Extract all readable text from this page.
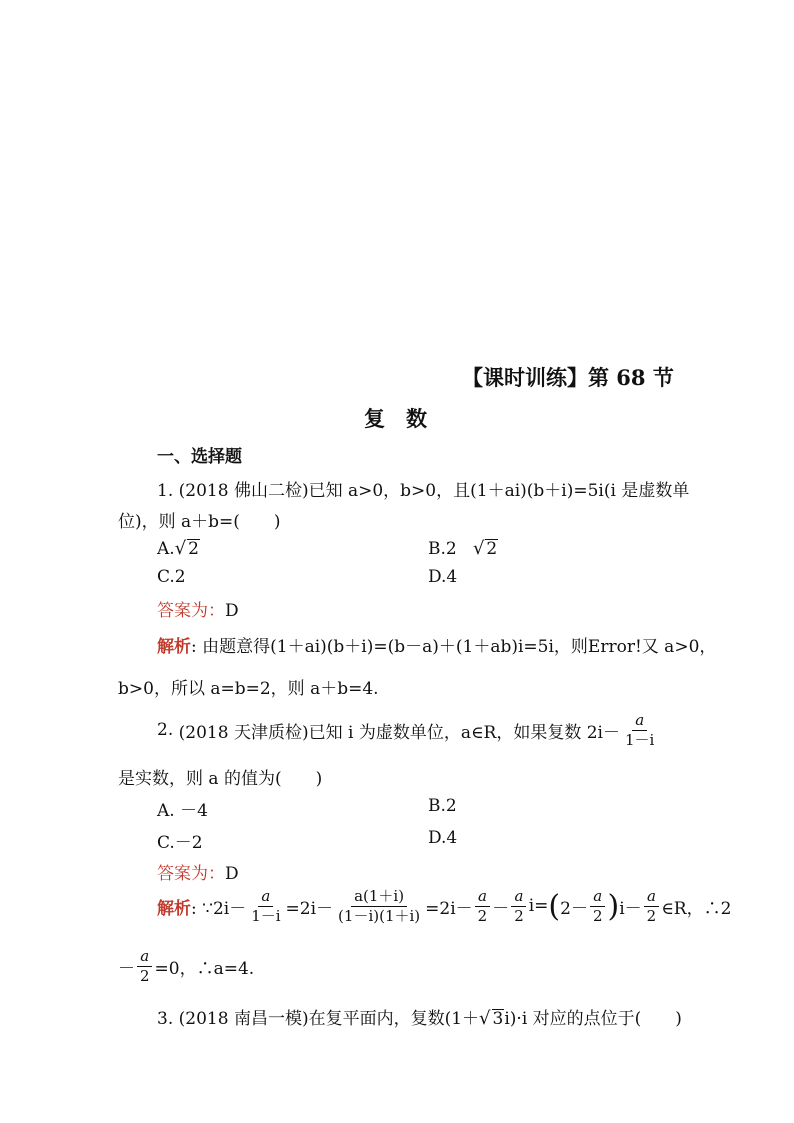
【课时训练】第 68 节
复　数
一、选择题
1. (2018 佛山二检)已知 a>0，b>0，且(1＋ai)(b＋i)=5i(i 是虚数单
位)，则 a＋b=(　　)
A.√ 2	B.2 √ 2
C.2	D.4
答案为：D
解析: 由题意得(1＋ai)(b＋i)=(b－a)＋(1＋ab)i=5i，则Error!又 a>0，
b>0，所以 a=b=2，则 a＋b=4.
2.
(2018 天津质检) 已知 i 为虚数单位，a∈R，如果复数 $2i- \frac{a}{1-i}$
是实数，则 a 的值为(　　)
A. －4	B.2
C.－2	D.4
答案为：D
解析 : ∵2i－ $\frac{a}{1-i} =2i- \frac{a(1+i)}{(1-i)(1+i)} =2i- \frac{a}{2} - \frac{a}{2} i=$ ( $2- \frac{a}{2}$ ) $i- \frac{a}{2}$ ∈R，∴2
－ $\frac{a}{2} =0$，∴a=4.
3. (2018 南昌一模)在复平面内，复数(1＋√ 3i)·i 对应的点位于(　　)
